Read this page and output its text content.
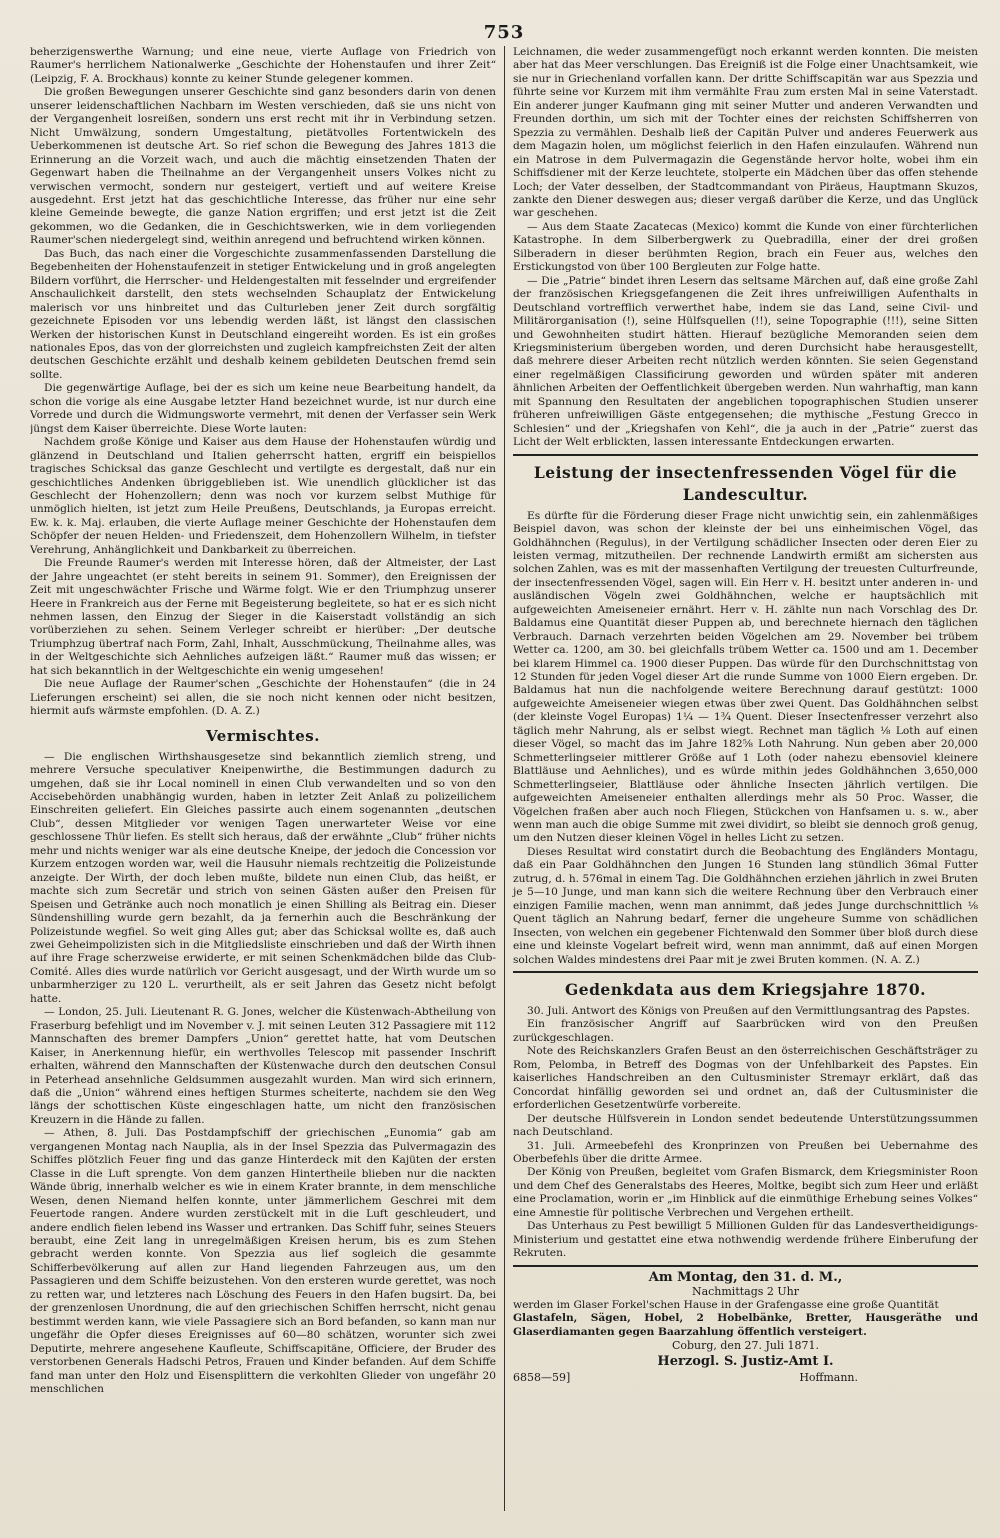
753

beherzigenswerthe Warnung; und eine neue, vierte Auflage von Friedrich von Raumer's herrlichem Nationalwerke „Geschichte der Hohenstaufen und ihrer Zeit“ (Leipzig, F. A. Brockhaus) konnte zu keiner Stunde gelegener kommen.

Die großen Bewegungen unserer Geschichte sind ganz besonders darin von denen unserer leidenschaftlichen Nachbarn im Westen verschieden, daß sie uns nicht von der Vergangenheit losreißen, sondern uns erst recht mit ihr in Verbindung setzen. Nicht Umwälzung, sondern Umgestaltung, pietätvolles Fortentwickeln des Ueberkommenen ist deutsche Art. So rief schon die Bewegung des Jahres 1813 die Erinnerung an die Vorzeit wach, und auch die mächtig einsetzenden Thaten der Gegenwart haben die Theilnahme an der Vergangenheit unsers Volkes nicht zu verwischen vermocht, sondern nur gesteigert, vertieft und auf weitere Kreise ausgedehnt. Erst jetzt hat das geschichtliche Interesse, das früher nur eine sehr kleine Gemeinde bewegte, die ganze Nation ergriffen; und erst jetzt ist die Zeit gekommen, wo die Gedanken, die in Geschichtswerken, wie in dem vorliegenden Raumer'schen niedergelegt sind, weithin anregend und befruchtend wirken können.

Das Buch, das nach einer die Vorgeschichte zusammenfassenden Darstellung die Begebenheiten der Hohenstaufenzeit in stetiger Entwickelung und in groß angelegten Bildern vorführt, die Herrscher- und Heldengestalten mit fesselnder und ergreifender Anschaulichkeit darstellt, den stets wechselnden Schauplatz der Entwickelung malerisch vor uns hinbreitet und das Culturleben jener Zeit durch sorgfältig gezeichnete Episoden vor uns lebendig werden läßt, ist längst den classischen Werken der historischen Kunst in Deutschland eingereiht worden. Es ist ein großes nationales Epos, das von der glorreichsten und zugleich kampfreichsten Zeit der alten deutschen Geschichte erzählt und deshalb keinem gebildeten Deutschen fremd sein sollte.

Die gegenwärtige Auflage, bei der es sich um keine neue Bearbeitung handelt, da schon die vorige als eine Ausgabe letzter Hand bezeichnet wurde, ist nur durch eine Vorrede und durch die Widmungsworte vermehrt, mit denen der Verfasser sein Werk jüngst dem Kaiser überreichte. Diese Worte lauten:

Nachdem große Könige und Kaiser aus dem Hause der Hohenstaufen würdig und glänzend in Deutschland und Italien geherrscht hatten, ergriff ein beispiellos tragisches Schicksal das ganze Geschlecht und vertilgte es dergestalt, daß nur ein geschichtliches Andenken übriggeblieben ist. Wie unendlich glücklicher ist das Geschlecht der Hohenzollern; denn was noch vor kurzem selbst Muthige für unmöglich hielten, ist jetzt zum Heile Preußens, Deutschlands, ja Europas erreicht. Ew. k. k. Maj. erlauben, die vierte Auflage meiner Geschichte der Hohenstaufen dem Schöpfer der neuen Helden- und Friedenszeit, dem Hohenzollern Wilhelm, in tiefster Verehrung, Anhänglichkeit und Dankbarkeit zu überreichen.

Die Freunde Raumer's werden mit Interesse hören, daß der Altmeister, der Last der Jahre ungeachtet (er steht bereits in seinem 91. Sommer), den Ereignissen der Zeit mit ungeschwächter Frische und Wärme folgt. Wie er den Triumphzug unserer Heere in Frankreich aus der Ferne mit Begeisterung begleitete, so hat er es sich nicht nehmen lassen, den Einzug der Sieger in die Kaiserstadt vollständig an sich vorüberziehen zu sehen. Seinem Verleger schreibt er hierüber: „Der deutsche Triumphzug übertraf nach Form, Zahl, Inhalt, Ausschmückung, Theilnahme alles, was in der Weltgeschichte sich Aehnliches aufzeigen läßt.“ Raumer muß das wissen; er hat sich bekanntlich in der Weltgeschichte ein wenig umgesehen!

Die neue Auflage der Raumer'schen „Geschichte der Hohenstaufen“ (die in 24 Lieferungen erscheint) sei allen, die sie noch nicht kennen oder nicht besitzen, hiermit aufs wärmste empfohlen. (D. A. Z.)

Vermischtes.

— Die englischen Wirthshausgesetze sind bekanntlich ziemlich streng, und mehrere Versuche speculativer Kneipenwirthe, die Bestimmungen dadurch zu umgehen, daß sie ihr Local nominell in einen Club verwandelten und so von den Accisebehörden unabhängig wurden, haben in letzter Zeit Anlaß zu polizeilichem Einschreiten geliefert. Ein Gleiches passirte auch einem sogenannten „deutschen Club“, dessen Mitglieder vor wenigen Tagen unerwarteter Weise vor eine geschlossene Thür liefen. Es stellt sich heraus, daß der erwähnte „Club“ früher nichts mehr und nichts weniger war als eine deutsche Kneipe, der jedoch die Concession vor Kurzem entzogen worden war, weil die Hausuhr niemals rechtzeitig die Polizeistunde anzeigte. Der Wirth, der doch leben mußte, bildete nun einen Club, das heißt, er machte sich zum Secretär und strich von seinen Gästen außer den Preisen für Speisen und Getränke auch noch monatlich je einen Shilling als Beitrag ein. Dieser Sündenshilling wurde gern bezahlt, da ja fernerhin auch die Beschränkung der Polizeistunde wegfiel. So weit ging Alles gut; aber das Schicksal wollte es, daß auch zwei Geheimpolizisten sich in die Mitgliedsliste einschrieben und daß der Wirth ihnen auf ihre Frage scherzweise erwiderte, er mit seinen Schenkmädchen bilde das Club-Comité. Alles dies wurde natürlich vor Gericht ausgesagt, und der Wirth wurde um so unbarmherziger zu 120 L. verurtheilt, als er seit Jahren das Gesetz nicht befolgt hatte.

— London, 25. Juli. Lieutenant R. G. Jones, welcher die Küstenwach-Abtheilung von Fraserburg befehligt und im November v. J. mit seinen Leuten 312 Passagiere mit 112 Mannschaften des bremer Dampfers „Union“ gerettet hatte, hat vom Deutschen Kaiser, in Anerkennung hiefür, ein werthvolles Telescop mit passender Inschrift erhalten, während den Mannschaften der Küstenwache durch den deutschen Consul in Peterhead ansehnliche Geldsummen ausgezahlt wurden. Man wird sich erinnern, daß die „Union“ während eines heftigen Sturmes scheiterte, nachdem sie den Weg längs der schottischen Küste eingeschlagen hatte, um nicht den französischen Kreuzern in die Hände zu fallen.

— Athen, 8. Juli. Das Postdampfschiff der griechischen „Eunomia“ gab am vergangenen Montag nach Nauplia, als in der Insel Spezzia das Pulvermagazin des Schiffes plötzlich Feuer fing und das ganze Hinterdeck mit den Kajüten der ersten Classe in die Luft sprengte. Von dem ganzen Hintertheile blieben nur die nackten Wände übrig, innerhalb welcher es wie in einem Krater brannte, in dem menschliche Wesen, denen Niemand helfen konnte, unter jämmerlichem Geschrei mit dem Feuertode rangen. Andere wurden zerstückelt mit in die Luft geschleudert, und andere endlich fielen lebend ins Wasser und ertranken. Das Schiff fuhr, seines Steuers beraubt, eine Zeit lang in unregelmäßigen Kreisen herum, bis es zum Stehen gebracht werden konnte. Von Spezzia aus lief sogleich die gesammte Schifferbevölkerung auf allen zur Hand liegenden Fahrzeugen aus, um den Passagieren und dem Schiffe beizustehen. Von den ersteren wurde gerettet, was noch zu retten war, und letzteres nach Löschung des Feuers in den Hafen bugsirt. Da, bei der grenzenlosen Unordnung, die auf den griechischen Schiffen herrscht, nicht genau bestimmt werden kann, wie viele Passagiere sich an Bord befanden, so kann man nur ungefähr die Opfer dieses Ereignisses auf 60—80 schätzen, worunter sich zwei Deputirte, mehrere angesehene Kaufleute, Schiffscapitäne, Officiere, der Bruder des verstorbenen Generals Hadschi Petros, Frauen und Kinder befanden. Auf dem Schiffe fand man unter den Holz und Eisensplittern die verkohlten Glieder von ungefähr 20 menschlichen

Leichnamen, die weder zusammengefügt noch erkannt werden konnten. Die meisten aber hat das Meer verschlungen. Das Ereigniß ist die Folge einer Unachtsamkeit, wie sie nur in Griechenland vorfallen kann. Der dritte Schiffscapitän war aus Spezzia und führte seine vor Kurzem mit ihm vermählte Frau zum ersten Mal in seine Vaterstadt. Ein anderer junger Kaufmann ging mit seiner Mutter und anderen Verwandten und Freunden dorthin, um sich mit der Tochter eines der reichsten Schiffsherren von Spezzia zu vermählen. Deshalb ließ der Capitän Pulver und anderes Feuerwerk aus dem Magazin holen, um möglichst feierlich in den Hafen einzulaufen. Während nun ein Matrose in dem Pulvermagazin die Gegenstände hervor holte, wobei ihm ein Schiffsdiener mit der Kerze leuchtete, stolperte ein Mädchen über das offen stehende Loch; der Vater desselben, der Stadtcommandant von Piräeus, Hauptmann Skuzos, zankte den Diener deswegen aus; dieser vergaß darüber die Kerze, und das Unglück war geschehen.

— Aus dem Staate Zacatecas (Mexico) kommt die Kunde von einer fürchterlichen Katastrophe. In dem Silberbergwerk zu Quebradilla, einer der drei großen Silberadern in dieser berühmten Region, brach ein Feuer aus, welches den Erstickungstod von über 100 Bergleuten zur Folge hatte.

— Die „Patrie“ bindet ihren Lesern das seltsame Märchen auf, daß eine große Zahl der französischen Kriegsgefangenen die Zeit ihres unfreiwilligen Aufenthalts in Deutschland vortrefflich verwerthet habe, indem sie das Land, seine Civil- und Militärorganisation (!), seine Hülfsquellen (!!), seine Topographie (!!!), seine Sitten und Gewohnheiten studirt hätten. Hierauf bezügliche Memoranden seien dem Kriegsministerium übergeben worden, und deren Durchsicht habe herausgestellt, daß mehrere dieser Arbeiten recht nützlich werden könnten. Sie seien Gegenstand einer regelmäßigen Classificirung geworden und würden später mit anderen ähnlichen Arbeiten der Oeffentlichkeit übergeben werden. Nun wahrhaftig, man kann mit Spannung den Resultaten der angeblichen topographischen Studien unserer früheren unfreiwilligen Gäste entgegensehen; die mythische „Festung Grecco in Schlesien“ und der „Kriegshafen von Kehl“, die ja auch in der „Patrie“ zuerst das Licht der Welt erblickten, lassen interessante Entdeckungen erwarten.

Leistung der insectenfressenden Vögel für die Landescultur.

Es dürfte für die Förderung dieser Frage nicht unwichtig sein, ein zahlenmäßiges Beispiel davon, was schon der kleinste der bei uns einheimischen Vögel, das Goldhähnchen (Regulus), in der Vertilgung schädlicher Insecten oder deren Eier zu leisten vermag, mitzutheilen. Der rechnende Landwirth ermißt am sichersten aus solchen Zahlen, was es mit der massenhaften Vertilgung der treuesten Culturfreunde, der insectenfressenden Vögel, sagen will. Ein Herr v. H. besitzt unter anderen in- und ausländischen Vögeln zwei Goldhähnchen, welche er hauptsächlich mit aufgeweichten Ameiseneier ernährt. Herr v. H. zählte nun nach Vorschlag des Dr. Baldamus eine Quantität dieser Puppen ab, und berechnete hiernach den täglichen Verbrauch. Darnach verzehrten beiden Vögelchen am 29. November bei trübem Wetter ca. 1200, am 30. bei gleichfalls trübem Wetter ca. 1500 und am 1. December bei klarem Himmel ca. 1900 dieser Puppen. Das würde für den Durchschnittstag von 12 Stunden für jeden Vogel dieser Art die runde Summe von 1000 Eiern ergeben. Dr. Baldamus hat nun die nachfolgende weitere Berechnung darauf gestützt: 1000 aufgeweichte Ameiseneier wiegen etwas über zwei Quent. Das Goldhähnchen selbst (der kleinste Vogel Europas) 1¼ — 1¾ Quent. Dieser Insectenfresser verzehrt also täglich mehr Nahrung, als er selbst wiegt. Rechnet man täglich ⅛ Loth auf einen dieser Vögel, so macht das im Jahre 182⅝ Loth Nahrung. Nun geben aber 20,000 Schmetterlingseier mittlerer Größe auf 1 Loth (oder nahezu ebensoviel kleinere Blattläuse und Aehnliches), und es würde mithin jedes Goldhähnchen 3,650,000 Schmetterlingseier, Blattläuse oder ähnliche Insecten jährlich vertilgen. Die aufgeweichten Ameiseneier enthalten allerdings mehr als 50 Proc. Wasser, die Vögelchen fraßen aber auch noch Fliegen, Stückchen von Hanfsamen u. s. w., aber wenn man auch die obige Summe mit zwei dividirt, so bleibt sie dennoch groß genug, um den Nutzen dieser kleinen Vögel in helles Licht zu setzen.

Dieses Resultat wird constatirt durch die Beobachtung des Engländers Montagu, daß ein Paar Goldhähnchen den Jungen 16 Stunden lang stündlich 36mal Futter zutrug, d. h. 576mal in einem Tag. Die Goldhähnchen erziehen jährlich in zwei Bruten je 5—10 Junge, und man kann sich die weitere Rechnung über den Verbrauch einer einzigen Familie machen, wenn man annimmt, daß jedes Junge durchschnittlich ⅛ Quent täglich an Nahrung bedarf, ferner die ungeheure Summe von schädlichen Insecten, von welchen ein gegebener Fichtenwald den Sommer über bloß durch diese eine und kleinste Vogelart befreit wird, wenn man annimmt, daß auf einen Morgen solchen Waldes mindestens drei Paar mit je zwei Bruten kommen. (N. A. Z.)

Gedenkdata aus dem Kriegsjahre 1870.

30. Juli. Antwort des Königs von Preußen auf den Vermittlungsantrag des Papstes.

Ein französischer Angriff auf Saarbrücken wird von den Preußen zurückgeschlagen.

Note des Reichskanzlers Grafen Beust an den österreichischen Geschäftsträger zu Rom, Pelomba, in Betreff des Dogmas von der Unfehlbarkeit des Papstes. Ein kaiserliches Handschreiben an den Cultusminister Stremayr erklärt, daß das Concordat hinfällig geworden sei und ordnet an, daß der Cultusminister die erforderlichen Gesetzentwürfe vorbereite.

Der deutsche Hülfsverein in London sendet bedeutende Unterstützungssummen nach Deutschland.

31. Juli. Armeebefehl des Kronprinzen von Preußen bei Uebernahme des Oberbefehls über die dritte Armee.

Der König von Preußen, begleitet vom Grafen Bismarck, dem Kriegsminister Roon und dem Chef des Generalstabs des Heeres, Moltke, begibt sich zum Heer und erläßt eine Proclamation, worin er „im Hinblick auf die einmüthige Erhebung seines Volkes“ eine Amnestie für politische Verbrechen und Vergehen ertheilt.

Das Unterhaus zu Pest bewilligt 5 Millionen Gulden für das Landesvertheidigungs-Ministerium und gestattet eine etwa nothwendig werdende frühere Einberufung der Rekruten.

Am Montag, den 31. d. M.,
Nachmittags 2 Uhr

werden im Glaser Forkel'schen Hause in der Grafengasse eine große Quantität

Glastafeln, Sägen, Hobel, 2 Hobelbänke, Bretter, Hausgeräthe und Glaserdiamanten gegen Baarzahlung öffentlich versteigert.

Coburg, den 27. Juli 1871.
Herzogl. S. Justiz-Amt I.
6858—59]	Hoffmann.
